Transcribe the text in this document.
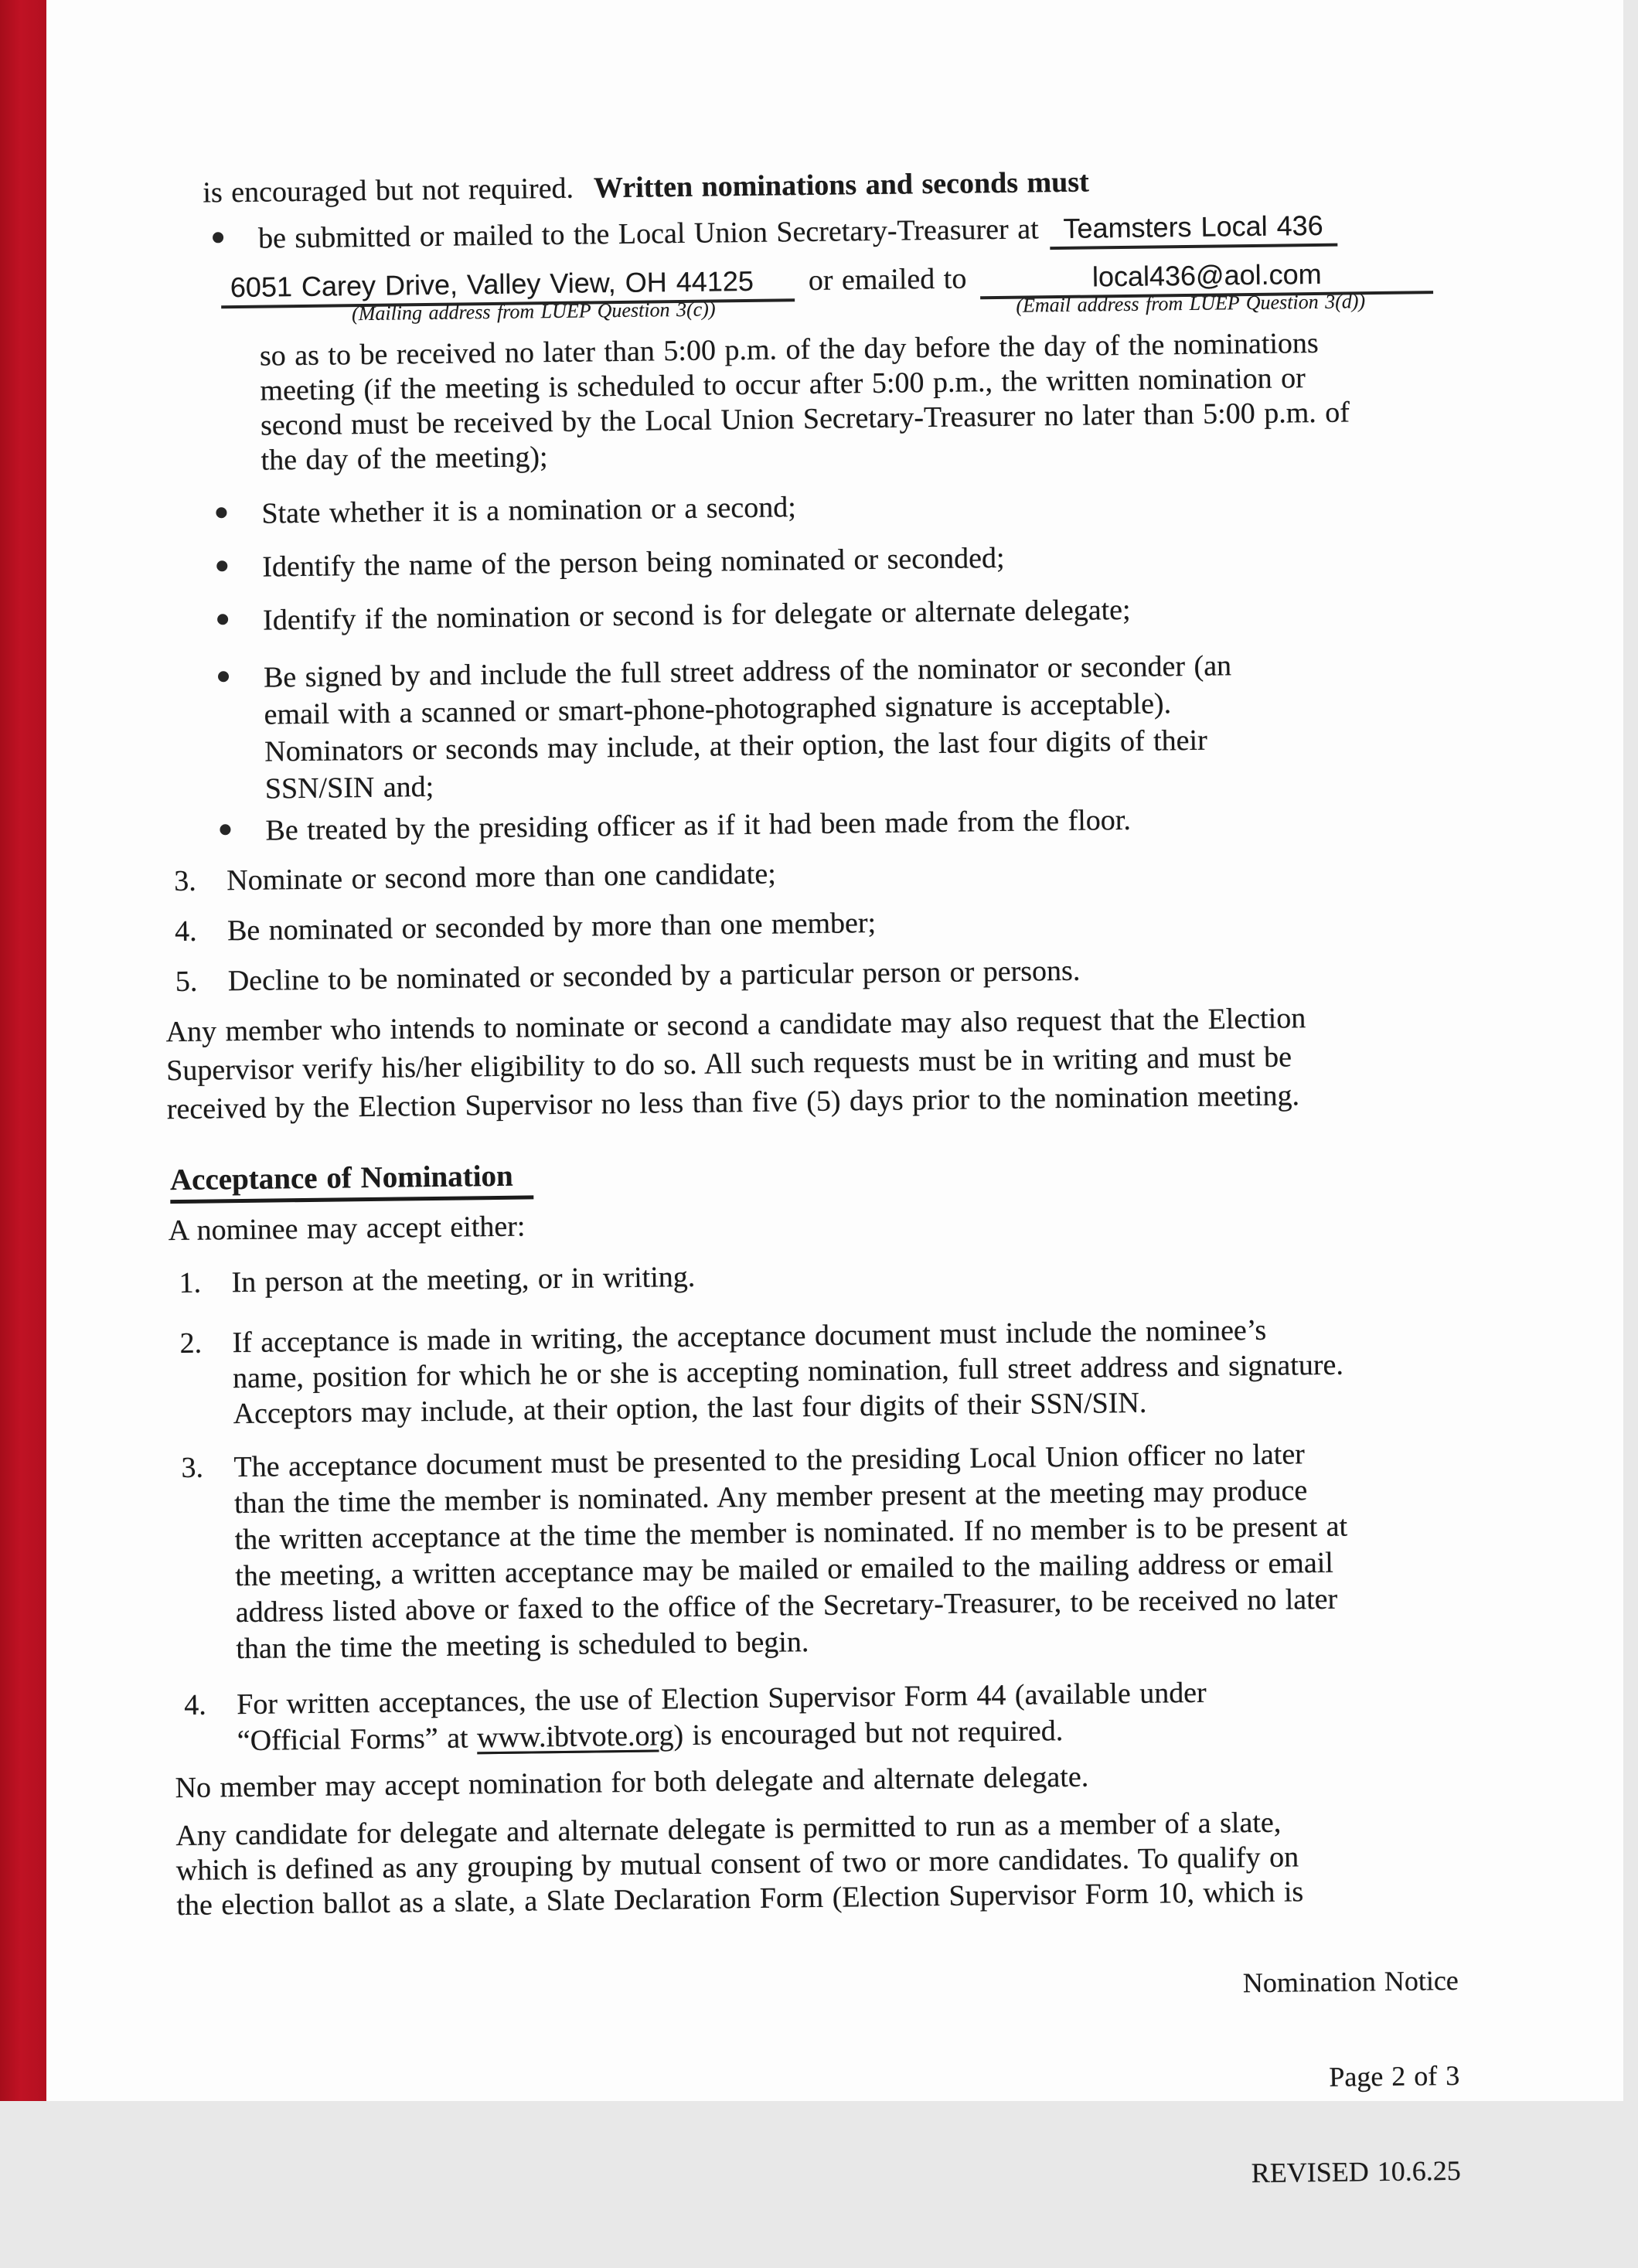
is encouraged but not required. Written nominations and seconds must
be submitted or mailed to the Local Union Secretary-Treasurer at Teamsters Local 436
6051 Carey Drive, Valley View, OH 44125 or emailed to	local436@aol.com
(Mailing address from LUEP Question 3(c))	(Email address from LUEP Question 3(d))
so as to be received no later than 5:00 p.m. of the day before the day of the nominations
meeting (if the meeting is scheduled to occur after 5:00 p.m., the written nomination or
second must be received by the Local Union Secretary-Treasurer no later than 5:00 p.m. of
the day of the meeting);
State whether it is a nomination or a second;
Identify the name of the person being nominated or seconded;
Identify if the nomination or second is for delegate or alternate delegate;
Be signed by and include the full street address of the nominator or seconder (an
email with a scanned or smart-phone-photographed signature is acceptable).
Nominators or seconds may include, at their option, the last four digits of their
SSN/SIN and;
Be treated by the presiding officer as if it had been made from the floor.
3. Nominate or second more than one candidate;
4. Be nominated or seconded by more than one member;
5. Decline to be nominated or seconded by a particular person or persons.
Any member who intends to nominate or second a candidate may also request that the Election
Supervisor verify his/her eligibility to do so. All such requests must be in writing and must be
received by the Election Supervisor no less than five (5) days prior to the nomination meeting.
Acceptance of Nomination
A nominee may accept either:
1. In person at the meeting, or in writing.
2. If acceptance is made in writing, the acceptance document must include the nominee’s
name, position for which he or she is accepting nomination, full street address and signature.
Acceptors may include, at their option, the last four digits of their SSN/SIN.
3. The acceptance document must be presented to the presiding Local Union officer no later
than the time the member is nominated. Any member present at the meeting may produce
the written acceptance at the time the member is nominated. If no member is to be present at
the meeting, a written acceptance may be mailed or emailed to the mailing address or email
address listed above or faxed to the office of the Secretary-Treasurer, to be received no later
than the time the meeting is scheduled to begin.
4. For written acceptances, the use of Election Supervisor Form 44 (available under
“Official Forms” at www.ibtvote.org) is encouraged but not required.
No member may accept nomination for both delegate and alternate delegate.
Any candidate for delegate and alternate delegate is permitted to run as a member of a slate,
which is defined as any grouping by mutual consent of two or more candidates. To qualify on
the election ballot as a slate, a Slate Declaration Form (Election Supervisor Form 10, which is

Nomination Notice

Page 2 of 3

REVISED 10.6.25
